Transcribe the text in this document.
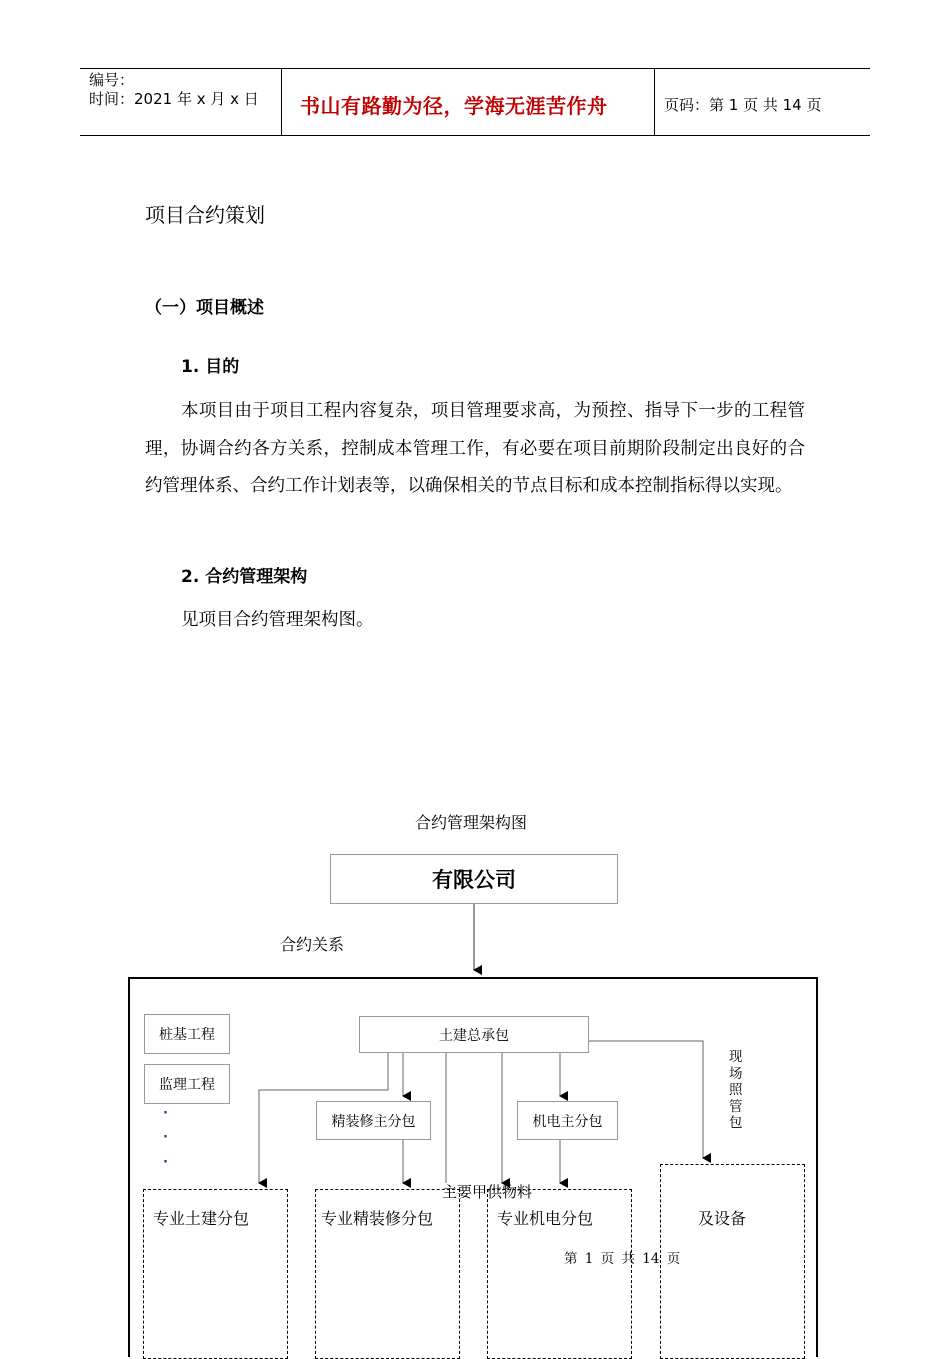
编号：
时间：2021 年 x 月 x 日 书山有路勤为径，学海无涯苦作舟	页码：第 1 页 共 14 页
项目合约策划
（一）项目概述
1. 目的

本项目由于项目工程内容复杂，项目管理要求高，为预控、指导下一步的工程管理，协调合约各方关系，控制成本管理工作，有必要在项目前期阶段制定出良好的合约管理体系、合约工作计划表等，以确保相关的节点目标和成本控制指标得以实现。

2. 合约管理架构
见项目合约管理架构图。
合约管理架构图
有限公司
合约关系
桩基工程
监理工程
·
·
·
土建总承包
现场照管包
精装修主分包	机电主分包
主要甲供物料
专业土建分包	专业精装修分包	专业机电分包	及设备
第 1 页 共 14 页
